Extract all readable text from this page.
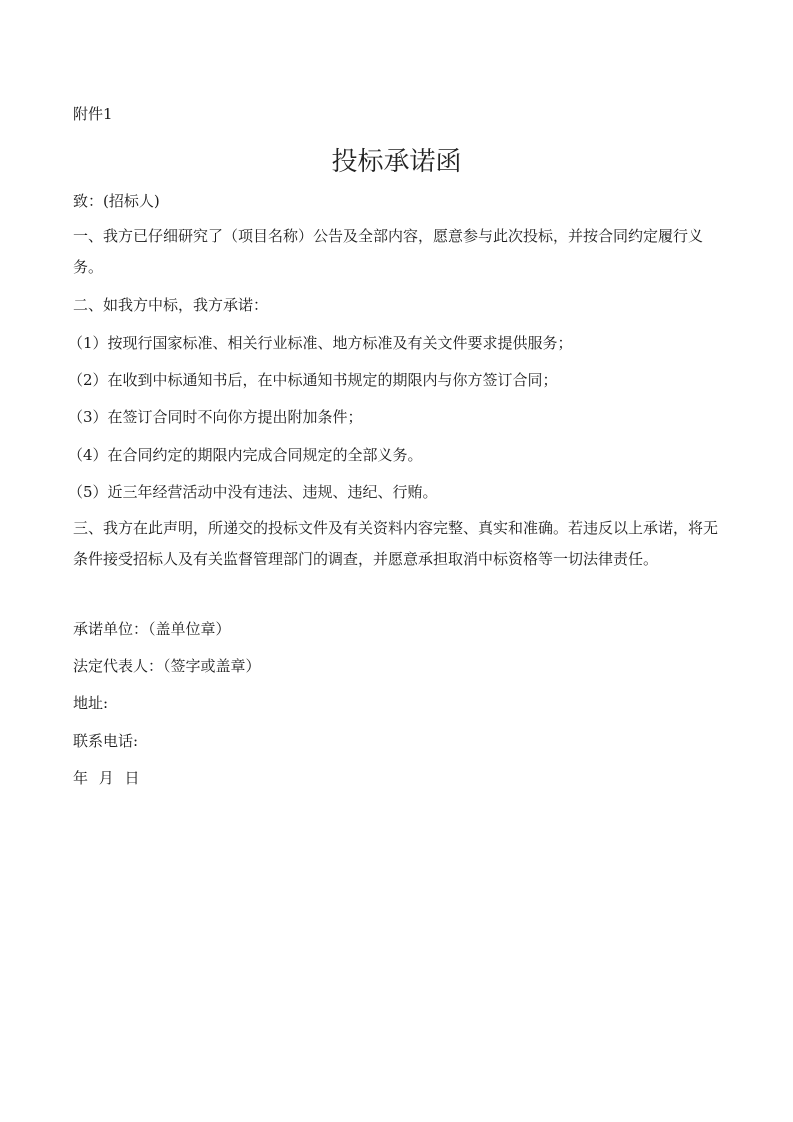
附件1
投标承诺函
致：(招标人)
一、我方已仔细研究了（项目名称）公告及全部内容，愿意参与此次投标，并按合同约定履行义务。
二、如我方中标，我方承诺：
（1）按现行国家标准、相关行业标准、地方标准及有关文件要求提供服务；
（2）在收到中标通知书后，在中标通知书规定的期限内与你方签订合同；
（3）在签订合同时不向你方提出附加条件；
（4）在合同约定的期限内完成合同规定的全部义务。
（5）近三年经营活动中没有违法、违规、违纪、行贿。
三、我方在此声明，所递交的投标文件及有关资料内容完整、真实和准确。若违反以上承诺，将无条件接受招标人及有关监督管理部门的调查，并愿意承担取消中标资格等一切法律责任。
承诺单位：（盖单位章）
法定代表人：（签字或盖章）
地址:
联系电话:
年 月 日
